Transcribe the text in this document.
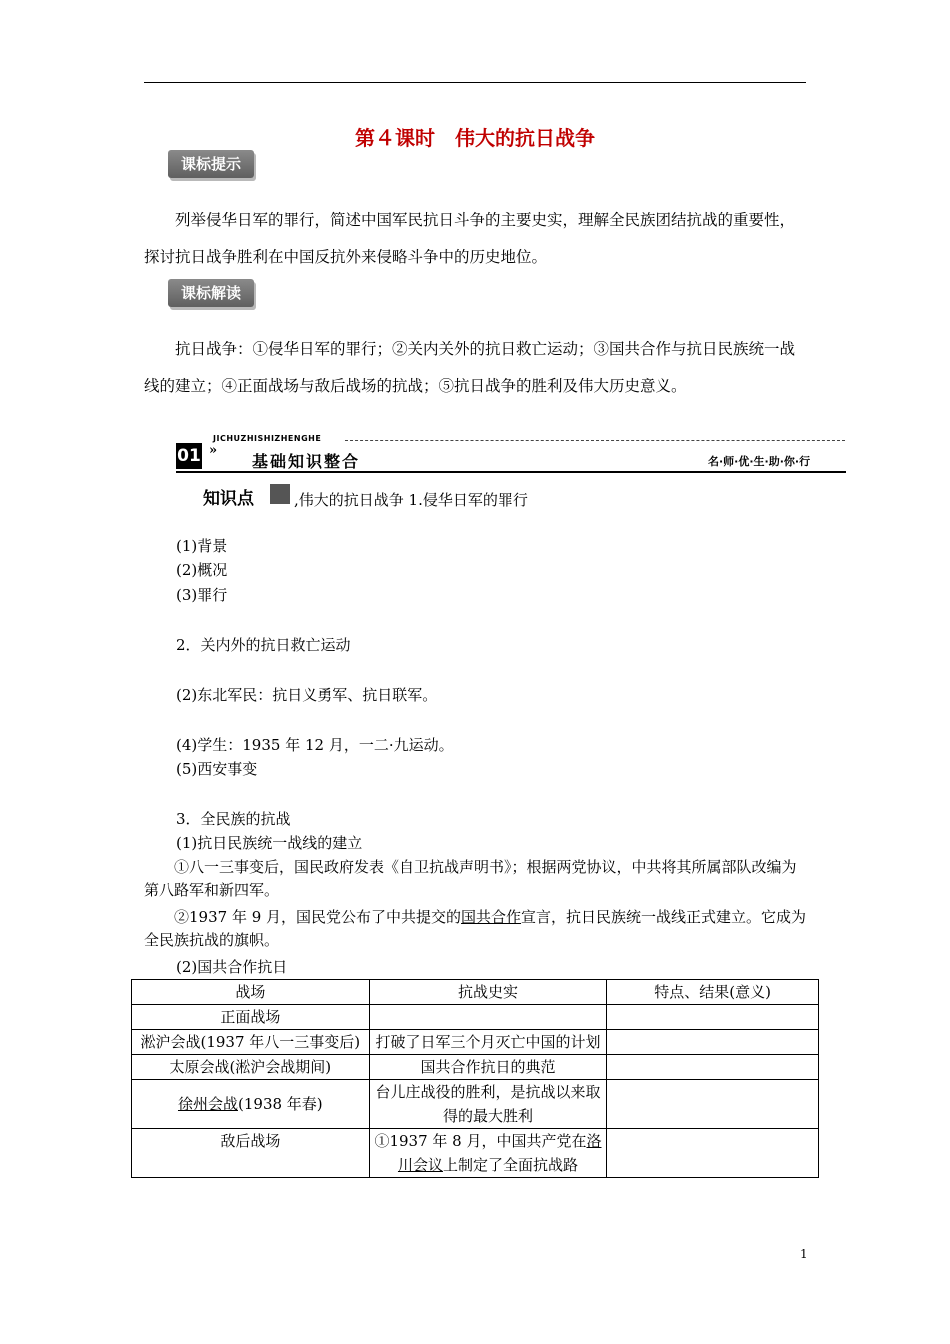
第４课时　伟大的抗日战争
课标提示
列举侵华日军的罪行，简述中国军民抗日斗争的主要史实，理解全民族团结抗战的重要性，探讨抗日战争胜利在中国反抗外来侵略斗争中的历史地位。
课标解读
抗日战争：①侵华日军的罪行；②关内关外的抗日救亡运动；③国共合作与抗日民族统一战线的建立；④正面战场与敌后战场的抗战；⑤抗日战争的胜利及伟大历史意义。
JICHUZHISHIZHENGHE
01 »
基础知识整合	名·师·优·生·助·你·行
知识点	,伟大的抗日战争 1.侵华日军的罪行
(1)背景
(2)概况
(3)罪行
2．关内外的抗日救亡运动
(2)东北军民：抗日义勇军、抗日联军。
(4)学生：1935 年 12 月，一二·九运动。
(5)西安事变
3．全民族的抗战
(1)抗日民族统一战线的建立
①八一三事变后，国民政府发表《自卫抗战声明书》；根据两党协议，中共将其所属部队改编为第八路军和新四军。
②1937 年 9 月，国民党公布了中共提交的国共合作宣言，抗日民族统一战线正式建立。它成为全民族抗战的旗帜。
(2)国共合作抗日
战场	抗战史实	特点、结果(意义)
正面战场		
淞沪会战(1937 年八一三事变后)	打破了日军三个月灭亡中国的计划	
太原会战(淞沪会战期间)	国共合作抗日的典范	
徐州会战(1938 年春)	台儿庄战役的胜利，是抗战以来取得的最大胜利	
敌后战场	①1937 年 8 月，中国共产党在洛川会议上制定了全面抗战路	
1
